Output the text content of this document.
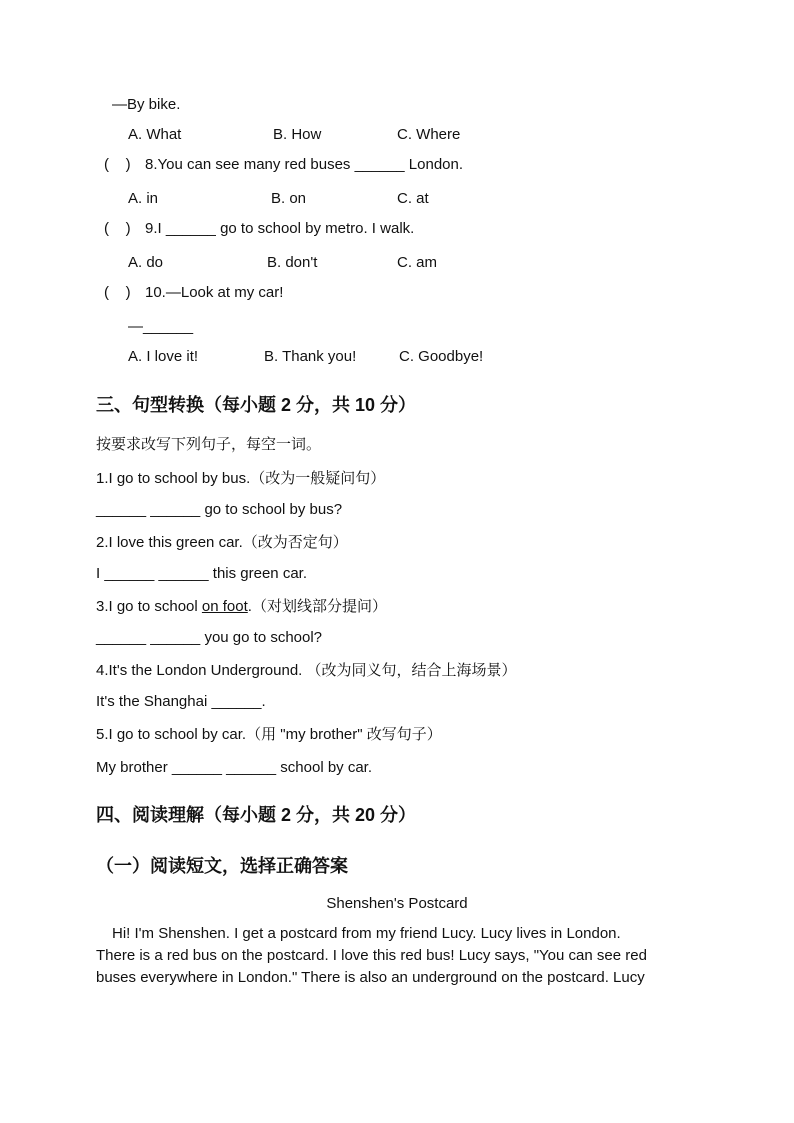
—By bike.
A. What	B. How	C. Where
(    ) 8.You can see many red buses ______ London.
A. in	B. on	C. at
(    ) 9.I ______ go to school by metro. I walk.
A. do	B. don't	C. am
(    ) 10.—Look at my car!
—______
A. I love it!	B. Thank you!	C. Goodbye!
三、句型转换（每小题 2 分，共 10 分）
按要求改写下列句子，每空一词。
1.I go to school by bus.（改为一般疑问句）
______ ______ go to school by bus?
2.I love this green car.（改为否定句）
I ______ ______ this green car.
3.I go to school on foot.（对划线部分提问）
______ ______ you go to school?
4.It's the London Underground. （改为同义句，结合上海场景）
It's the Shanghai ______.
5.I go to school by car.（用 "my brother" 改写句子）
My brother ______ ______ school by car.
四、阅读理解（每小题 2 分，共 20 分）
（一）阅读短文，选择正确答案
Shenshen's Postcard
Hi! I'm Shenshen. I get a postcard from my friend Lucy. Lucy lives in London.
There is a red bus on the postcard. I love this red bus! Lucy says, "You can see red
buses everywhere in London." There is also an underground on the postcard. Lucy
